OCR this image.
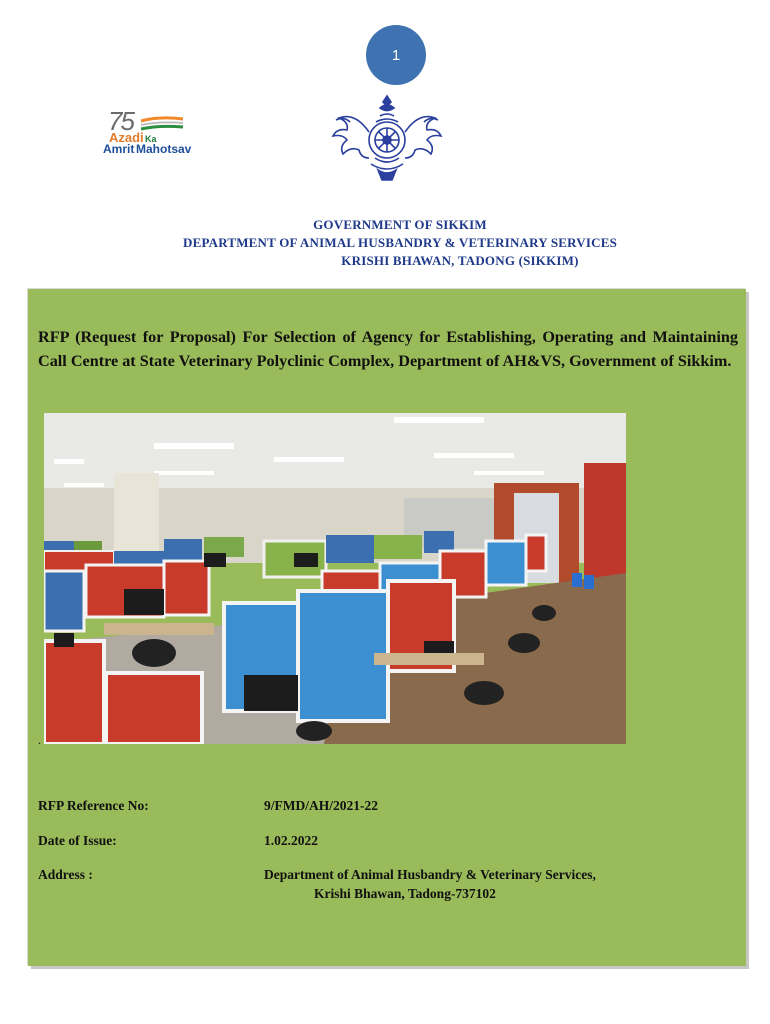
1
75
Azadi Ka
Amrit Mahotsav
GOVERNMENT OF SIKKIM
DEPARTMENT OF ANIMAL HUSBANDRY & VETERINARY SERVICES
KRISHI BHAWAN, TADONG (SIKKIM)

RFP (Request for Proposal) For Selection of Agency for Establishing, Operating and Maintaining Call Centre at State Veterinary Polyclinic Complex, Department of AH&VS, Government of Sikkim.

.
RFP Reference No:	9/FMD/AH/2021-22
Date of Issue:	1.02.2022
Address :	Department of Animal Husbandry & Veterinary Services,
Krishi Bhawan, Tadong-737102
